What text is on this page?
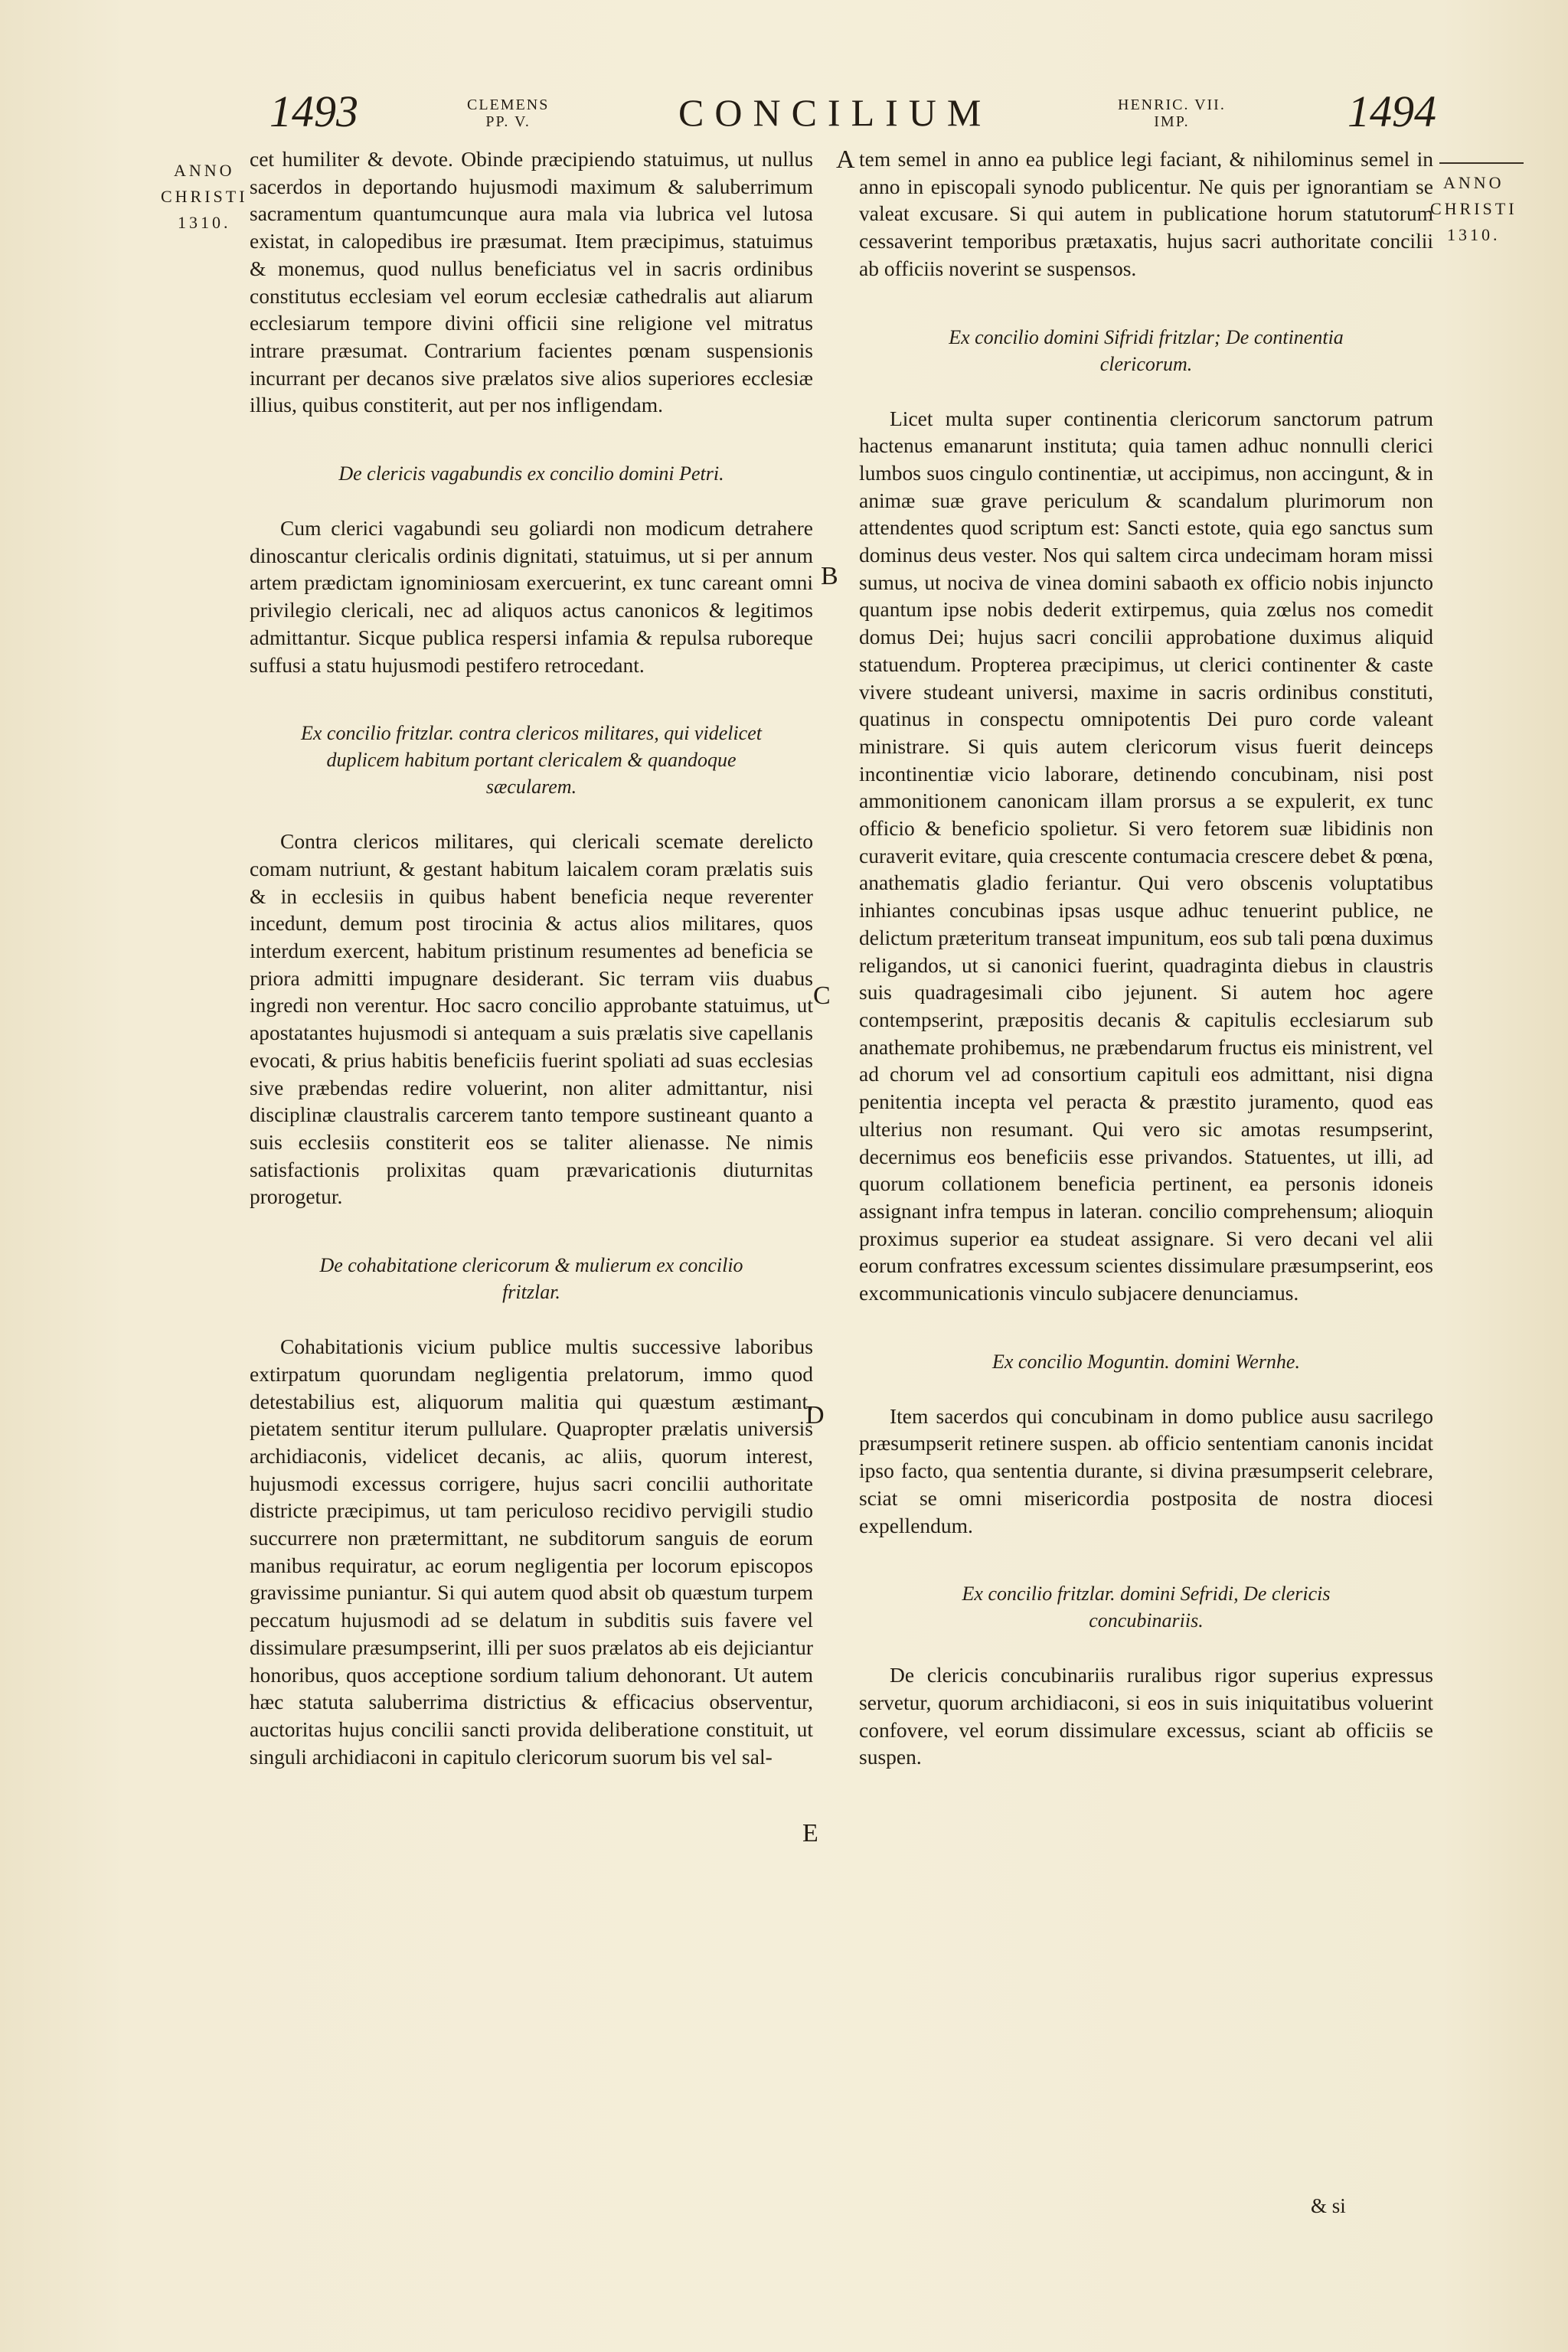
1493	CLEMENS
PP. V.	CONCILIUM	HENRIC. VII.
IMP.	1494
ANNO
CHRISTI
1310.
ANNO
CHRISTI
1310.
A
B
C
D
E

cet humiliter & devote. Obinde præcipiendo statuimus, ut nullus sacerdos in deportando hujusmodi maximum & saluberrimum sacramentum quantumcunque aura mala via lubrica vel lutosa existat, in calopedibus ire præsumat. Item præcipimus, statuimus & monemus, quod nullus beneficiatus vel in sacris ordinibus constitutus ecclesiam vel eorum ecclesiæ cathedralis aut aliarum ecclesiarum tempore divini officii sine religione vel mitratus intrare præsumat. Contrarium facientes pœnam suspensionis incurrant per decanos sive prælatos sive alios superiores ecclesiæ illius, quibus constiterit, aut per nos infligendam.

De clericis vagabundis ex concilio domini Petri.

Cum clerici vagabundi seu goliardi non modicum detrahere dinoscantur clericalis ordinis dignitati, statuimus, ut si per annum artem prædictam ignominiosam exercuerint, ex tunc careant omni privilegio clericali, nec ad aliquos actus canonicos & legitimos admittantur. Sicque publica respersi infamia & repulsa ruboreque suffusi a statu hujusmodi pestifero retrocedant.

Ex concilio fritzlar. contra clericos militares, qui videlicet duplicem habitum portant clericalem & quandoque sæcularem.

Contra clericos militares, qui clericali scemate derelicto comam nutriunt, & gestant habitum laicalem coram prælatis suis & in ecclesiis in quibus habent beneficia neque reverenter incedunt, demum post tirocinia & actus alios militares, quos interdum exercent, habitum pristinum resumentes ad beneficia se priora admitti impugnare desiderant. Sic terram viis duabus ingredi non verentur. Hoc sacro concilio approbante statuimus, ut apostatantes hujusmodi si antequam a suis prælatis sive capellanis evocati, & prius habitis beneficiis fuerint spoliati ad suas ecclesias sive præbendas redire voluerint, non aliter admittantur, nisi disciplinæ claustralis carcerem tanto tempore sustineant quanto a suis ecclesiis constiterit eos se taliter alienasse. Ne nimis satisfactionis prolixitas quam prævaricationis diuturnitas prorogetur.

De cohabitatione clericorum & mulierum ex concilio fritzlar.

Cohabitationis vicium publice multis successive laboribus extirpatum quorundam negligentia prelatorum, immo quod detestabilius est, aliquorum malitia qui quæstum æstimant, pietatem sentitur iterum pullulare. Quapropter prælatis universis archidiaconis, videlicet decanis, ac aliis, quorum interest, hujusmodi excessus corrigere, hujus sacri concilii authoritate districte præcipimus, ut tam periculoso recidivo pervigili studio succurrere non prætermittant, ne subditorum sanguis de eorum manibus requiratur, ac eorum negligentia per locorum episcopos gravissime puniantur. Si qui autem quod absit ob quæstum turpem peccatum hujusmodi ad se delatum in subditis suis favere vel dissimulare præsumpserint, illi per suos prælatos ab eis dejiciantur honoribus, quos acceptione sordium talium dehonorant. Ut autem hæc statuta saluberrima districtius & efficacius observentur, auctoritas hujus concilii sancti provida deliberatione constituit, ut singuli archidiaconi in capitulo clericorum suorum bis vel sal-

tem semel in anno ea publice legi faciant, & nihilominus semel in anno in episcopali synodo publicentur. Ne quis per ignorantiam se valeat excusare. Si qui autem in publicatione horum statutorum cessaverint temporibus prætaxatis, hujus sacri authoritate concilii ab officiis noverint se suspensos.

Ex concilio domini Sifridi fritzlar; De continentia clericorum.

Licet multa super continentia clericorum sanctorum patrum hactenus emanarunt instituta; quia tamen adhuc nonnulli clerici lumbos suos cingulo continentiæ, ut accipimus, non accingunt, & in animæ suæ grave periculum & scandalum plurimorum non attendentes quod scriptum est: Sancti estote, quia ego sanctus sum dominus deus vester. Nos qui saltem circa undecimam horam missi sumus, ut nociva de vinea domini sabaoth ex officio nobis injuncto quantum ipse nobis dederit extirpemus, quia zœlus nos comedit domus Dei; hujus sacri concilii approbatione duximus aliquid statuendum. Propterea præcipimus, ut clerici continenter & caste vivere studeant universi, maxime in sacris ordinibus constituti, quatinus in conspectu omnipotentis Dei puro corde valeant ministrare. Si quis autem clericorum visus fuerit deinceps incontinentiæ vicio laborare, detinendo concubinam, nisi post ammonitionem canonicam illam prorsus a se expulerit, ex tunc officio & beneficio spolietur. Si vero fetorem suæ libidinis non curaverit evitare, quia crescente contumacia crescere debet & pœna, anathematis gladio feriantur. Qui vero obscenis voluptatibus inhiantes concubinas ipsas usque adhuc tenuerint publice, ne delictum præteritum transeat impunitum, eos sub tali pœna duximus religandos, ut si canonici fuerint, quadraginta diebus in claustris suis quadragesimali cibo jejunent. Si autem hoc agere contempserint, præpositis decanis & capitulis ecclesiarum sub anathemate prohibemus, ne præbendarum fructus eis ministrent, vel ad chorum vel ad consortium capituli eos admittant, nisi digna penitentia incepta vel peracta & præstito juramento, quod eas ulterius non resumant. Qui vero sic amotas resumpserint, decernimus eos beneficiis esse privandos. Statuentes, ut illi, ad quorum collationem beneficia pertinent, ea personis idoneis assignant infra tempus in lateran. concilio comprehensum; alioquin proximus superior ea studeat assignare. Si vero decani vel alii eorum confratres excessum scientes dissimulare præsumpserint, eos excommunicationis vinculo subjacere denunciamus.

Ex concilio Moguntin. domini Wernhe.

Item sacerdos qui concubinam in domo publice ausu sacrilego præsumpserit retinere suspen. ab officio sententiam canonis incidat ipso facto, qua sententia durante, si divina præsumpserit celebrare, sciat se omni misericordia postposita de nostra diocesi expellendum.

Ex concilio fritzlar. domini Sefridi, De clericis concubinariis.

De clericis concubinariis ruralibus rigor superius expressus servetur, quorum archidiaconi, si eos in suis iniquitatibus voluerint confovere, vel eorum dissimulare excessus, sciant ab officiis se suspen.

& si
